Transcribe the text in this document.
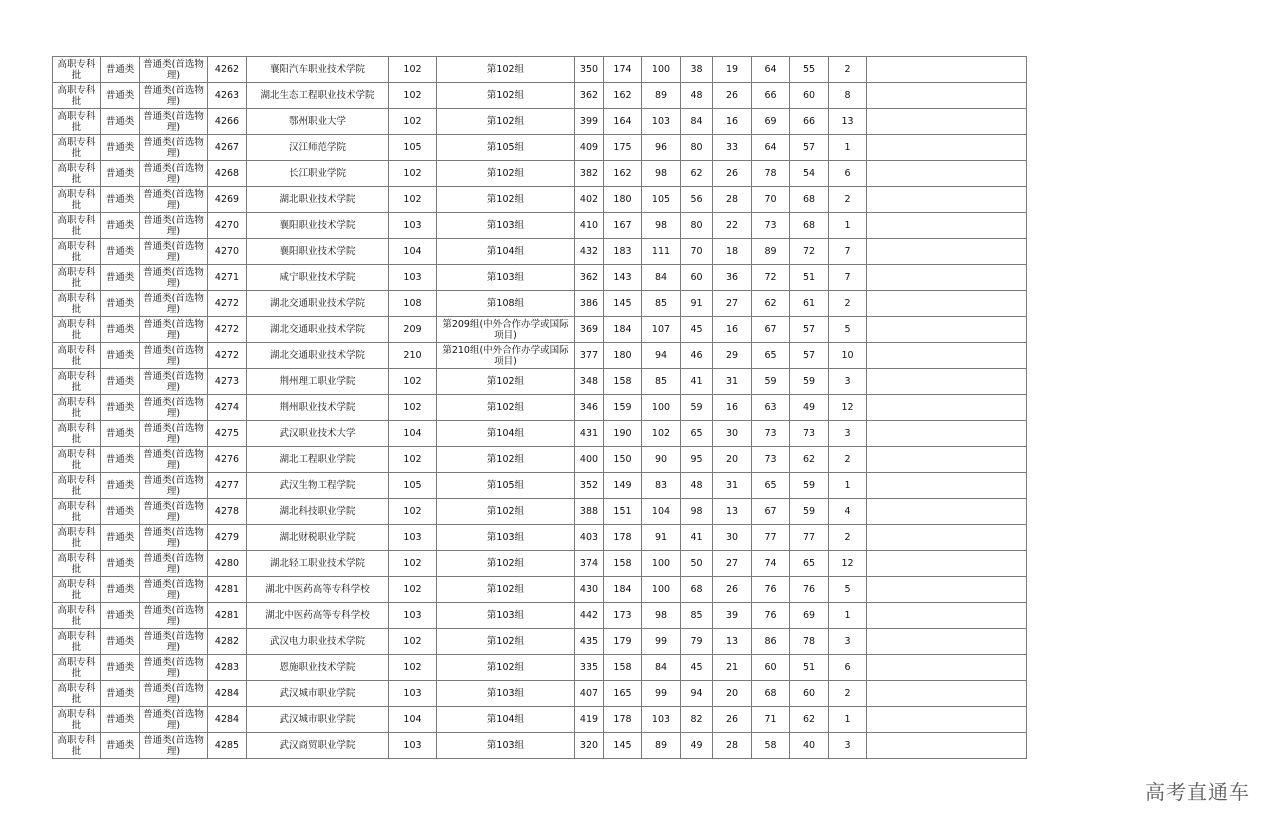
高职专科批	普通类	普通类(首选物理)	4262	襄阳汽车职业技术学院	102	第102组	350	174	100	38	19	64	55	2	
高职专科批	普通类	普通类(首选物理)	4263	湖北生态工程职业技术学院	102	第102组	362	162	89	48	26	66	60	8	
高职专科批	普通类	普通类(首选物理)	4266	鄂州职业大学	102	第102组	399	164	103	84	16	69	66	13	
高职专科批	普通类	普通类(首选物理)	4267	汉江师范学院	105	第105组	409	175	96	80	33	64	57	1	
高职专科批	普通类	普通类(首选物理)	4268	长江职业学院	102	第102组	382	162	98	62	26	78	54	6	
高职专科批	普通类	普通类(首选物理)	4269	湖北职业技术学院	102	第102组	402	180	105	56	28	70	68	2	
高职专科批	普通类	普通类(首选物理)	4270	襄阳职业技术学院	103	第103组	410	167	98	80	22	73	68	1	
高职专科批	普通类	普通类(首选物理)	4270	襄阳职业技术学院	104	第104组	432	183	111	70	18	89	72	7	
高职专科批	普通类	普通类(首选物理)	4271	咸宁职业技术学院	103	第103组	362	143	84	60	36	72	51	7	
高职专科批	普通类	普通类(首选物理)	4272	湖北交通职业技术学院	108	第108组	386	145	85	91	27	62	61	2	
高职专科批	普通类	普通类(首选物理)	4272	湖北交通职业技术学院	209	第209组(中外合作办学或国际项目)	369	184	107	45	16	67	57	5	
高职专科批	普通类	普通类(首选物理)	4272	湖北交通职业技术学院	210	第210组(中外合作办学或国际项目)	377	180	94	46	29	65	57	10	
高职专科批	普通类	普通类(首选物理)	4273	荆州理工职业学院	102	第102组	348	158	85	41	31	59	59	3	
高职专科批	普通类	普通类(首选物理)	4274	荆州职业技术学院	102	第102组	346	159	100	59	16	63	49	12	
高职专科批	普通类	普通类(首选物理)	4275	武汉职业技术大学	104	第104组	431	190	102	65	30	73	73	3	
高职专科批	普通类	普通类(首选物理)	4276	湖北工程职业学院	102	第102组	400	150	90	95	20	73	62	2	
高职专科批	普通类	普通类(首选物理)	4277	武汉生物工程学院	105	第105组	352	149	83	48	31	65	59	1	
高职专科批	普通类	普通类(首选物理)	4278	湖北科技职业学院	102	第102组	388	151	104	98	13	67	59	4	
高职专科批	普通类	普通类(首选物理)	4279	湖北财税职业学院	103	第103组	403	178	91	41	30	77	77	2	
高职专科批	普通类	普通类(首选物理)	4280	湖北轻工职业技术学院	102	第102组	374	158	100	50	27	74	65	12	
高职专科批	普通类	普通类(首选物理)	4281	湖北中医药高等专科学校	102	第102组	430	184	100	68	26	76	76	5	
高职专科批	普通类	普通类(首选物理)	4281	湖北中医药高等专科学校	103	第103组	442	173	98	85	39	76	69	1	
高职专科批	普通类	普通类(首选物理)	4282	武汉电力职业技术学院	102	第102组	435	179	99	79	13	86	78	3	
高职专科批	普通类	普通类(首选物理)	4283	恩施职业技术学院	102	第102组	335	158	84	45	21	60	51	6	
高职专科批	普通类	普通类(首选物理)	4284	武汉城市职业学院	103	第103组	407	165	99	94	20	68	60	2	
高职专科批	普通类	普通类(首选物理)	4284	武汉城市职业学院	104	第104组	419	178	103	82	26	71	62	1	
高职专科批	普通类	普通类(首选物理)	4285	武汉商贸职业学院	103	第103组	320	145	89	49	28	58	40	3	
高考直通车
